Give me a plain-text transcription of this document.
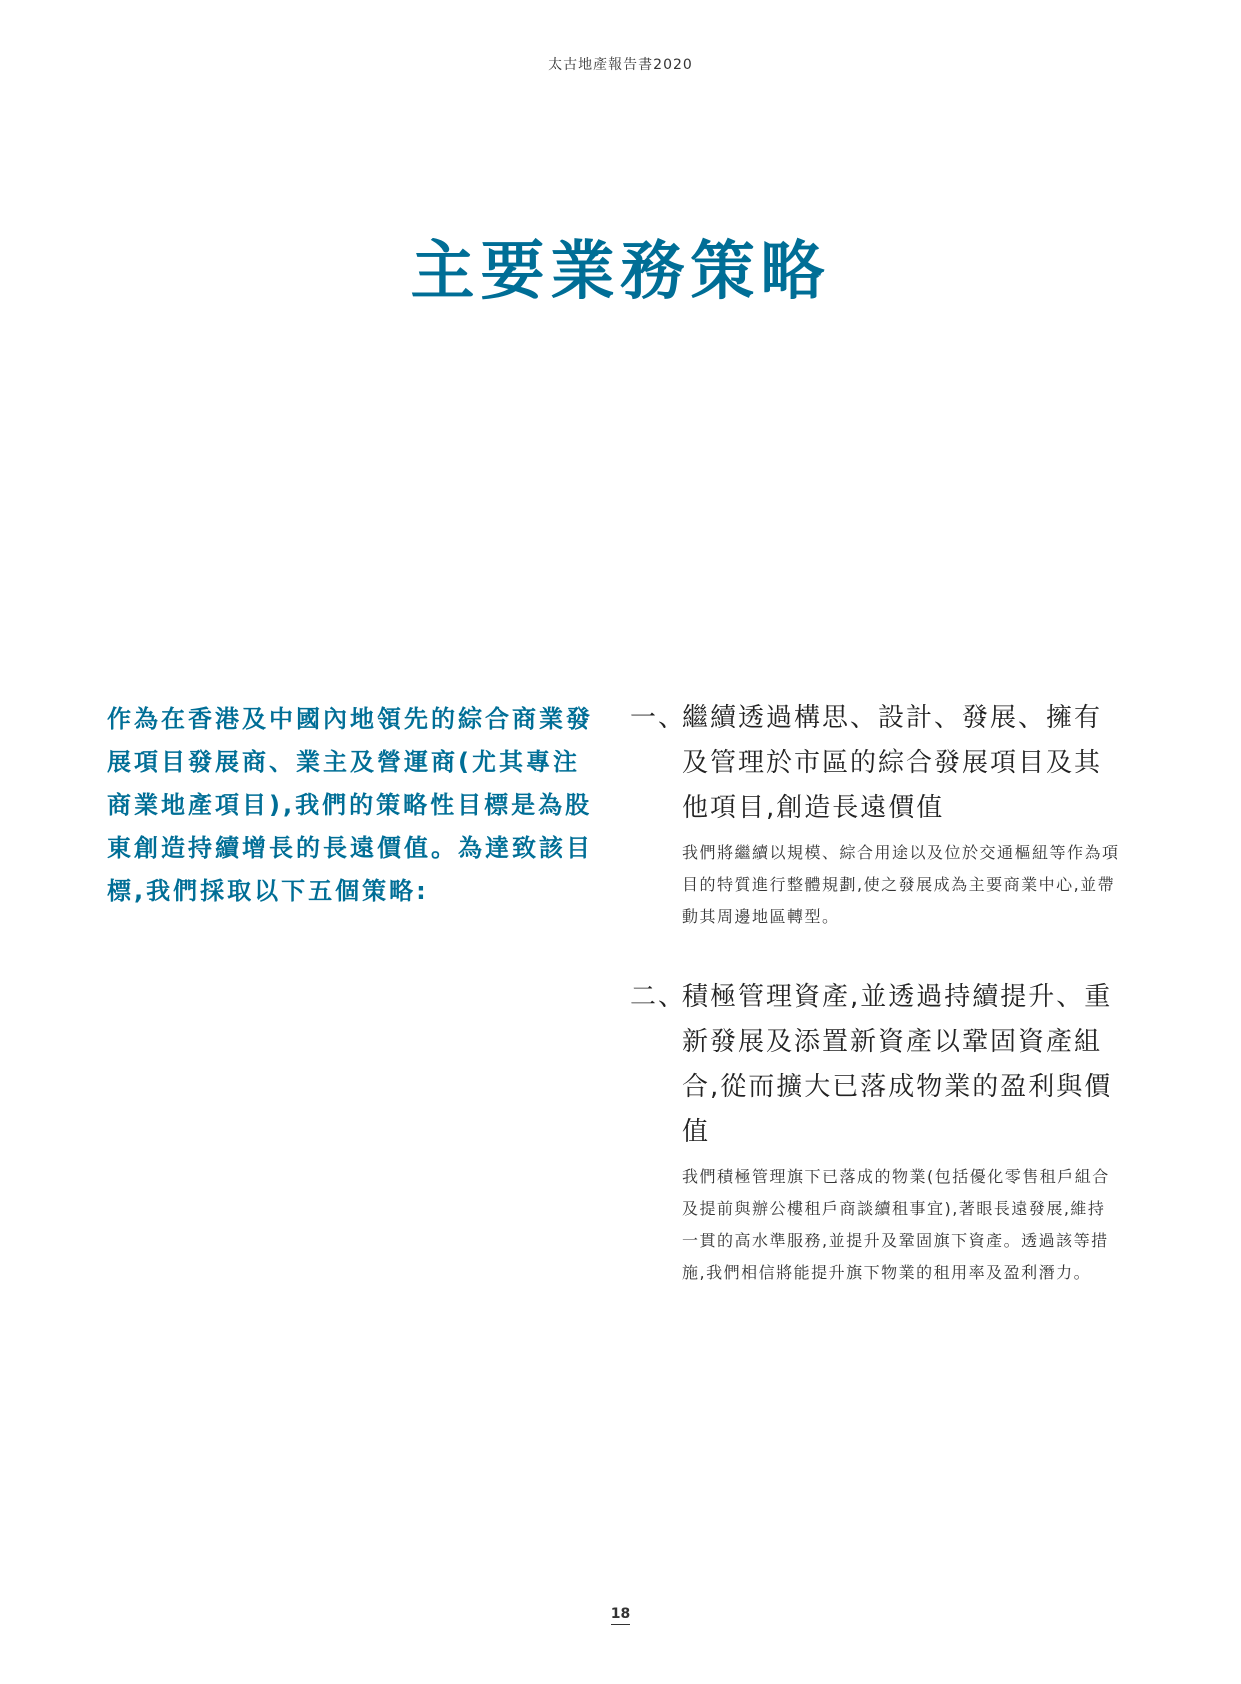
太古地產報告書2020
主要業務策略

作為在香港及中國內地領先的綜合商業發展項目發展商、業主及營運商(尤其專注商業地產項目),我們的策略性目標是為股東創造持續增長的長遠價值。為達致該目標,我們採取以下五個策略:

一、
繼續透過構思、設計、發展、擁有及管理於市區的綜合發展項目及其他項目,創造長遠價值

我們將繼續以規模、綜合用途以及位於交通樞紐等作為項目的特質進行整體規劃,使之發展成為主要商業中心,並帶動其周邊地區轉型。

二、
積極管理資產,並透過持續提升、重新發展及添置新資產以鞏固資產組合,從而擴大已落成物業的盈利與價值

我們積極管理旗下已落成的物業(包括優化零售租戶組合及提前與辦公樓租戶商談續租事宜),著眼長遠發展,維持一貫的高水準服務,並提升及鞏固旗下資產。透過該等措施,我們相信將能提升旗下物業的租用率及盈利潛力。

18
